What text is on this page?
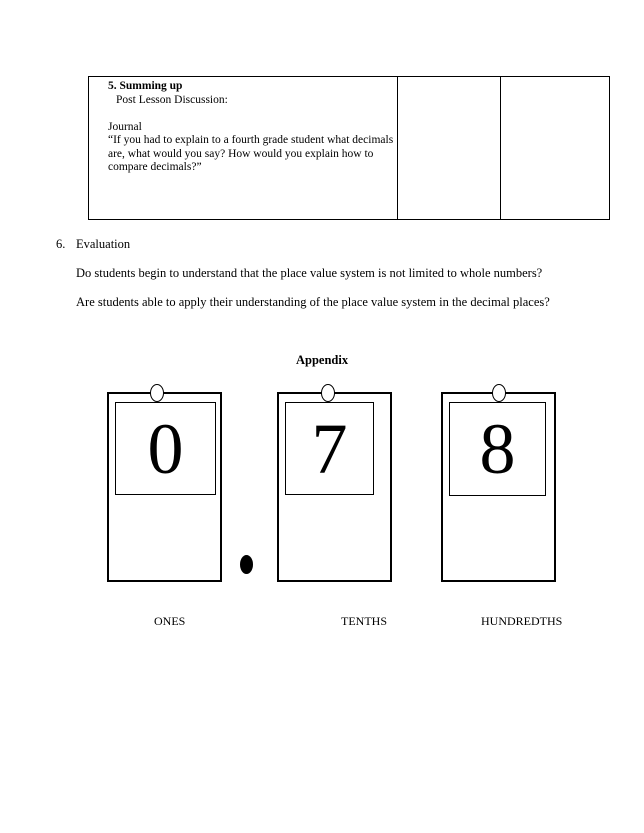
5. Summing up
Post Lesson Discussion:
Journal
“If you had to explain to a fourth grade student what decimals
are, what would you say? How would you explain how to
compare decimals?”
6. Evaluation
Do students begin to understand that the place value system is not limited to whole numbers?
Are students able to apply their understanding of the place value system in the decimal places?
Appendix
0	7	8
ONES	TENTHS	HUNDREDTHS
